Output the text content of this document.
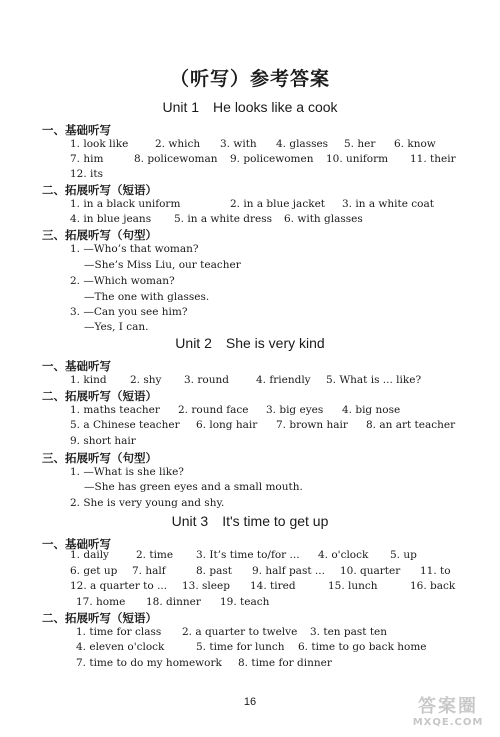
（听写）参考答案
Unit 1 He looks like a cook
一、基础听写
1. look like	2. which 3. with 4. glasses 5. her 6. know
7. him	8. policewoman 9. policewomen 10. uniform 11. their
12. its
二、拓展听写（短语）
1. in a black uniform	2. in a blue jacket 3. in a white coat
4. in blue jeans 5. in a white dress 6. with glasses
三、拓展听写（句型）
1. —Who’s that woman?
—She’s Miss Liu, our teacher
2. —Which woman?
—The one with glasses.
3. —Can you see him?
—Yes, I can.
Unit 2 She is very kind
一、基础听写
1. kind 2. shy 3. round	4. friendly 5. What is ... like?
二、拓展听写（短语）
1. maths teacher 2. round face 3. big eyes 4. big nose
5. a Chinese teacher 6. long hair 7. brown hair 8. an art teacher
9. short hair
三、拓展听写（句型）
1. —What is she like?
—She has green eyes and a small mouth.
2. She is very young and shy.
Unit 3 It's time to get up
一、基础听写
1. daily	2. time 3. It’s time to/for ... 4. o'clock 5. up
6. get up 7. half	8. past 9. half past ... 10. quarter 11. to
12. a quarter to ... 13. sleep 14. tired	15. lunch	16. back
17. home 18. dinner 19. teach
二、拓展听写（短语）
1. time for class 2. a quarter to twelve 3. ten past ten
4. eleven o'clock	5. time for lunch 6. time to go back home
7. time to do my homework 8. time for dinner
16	答案圈
MXQE.COM
